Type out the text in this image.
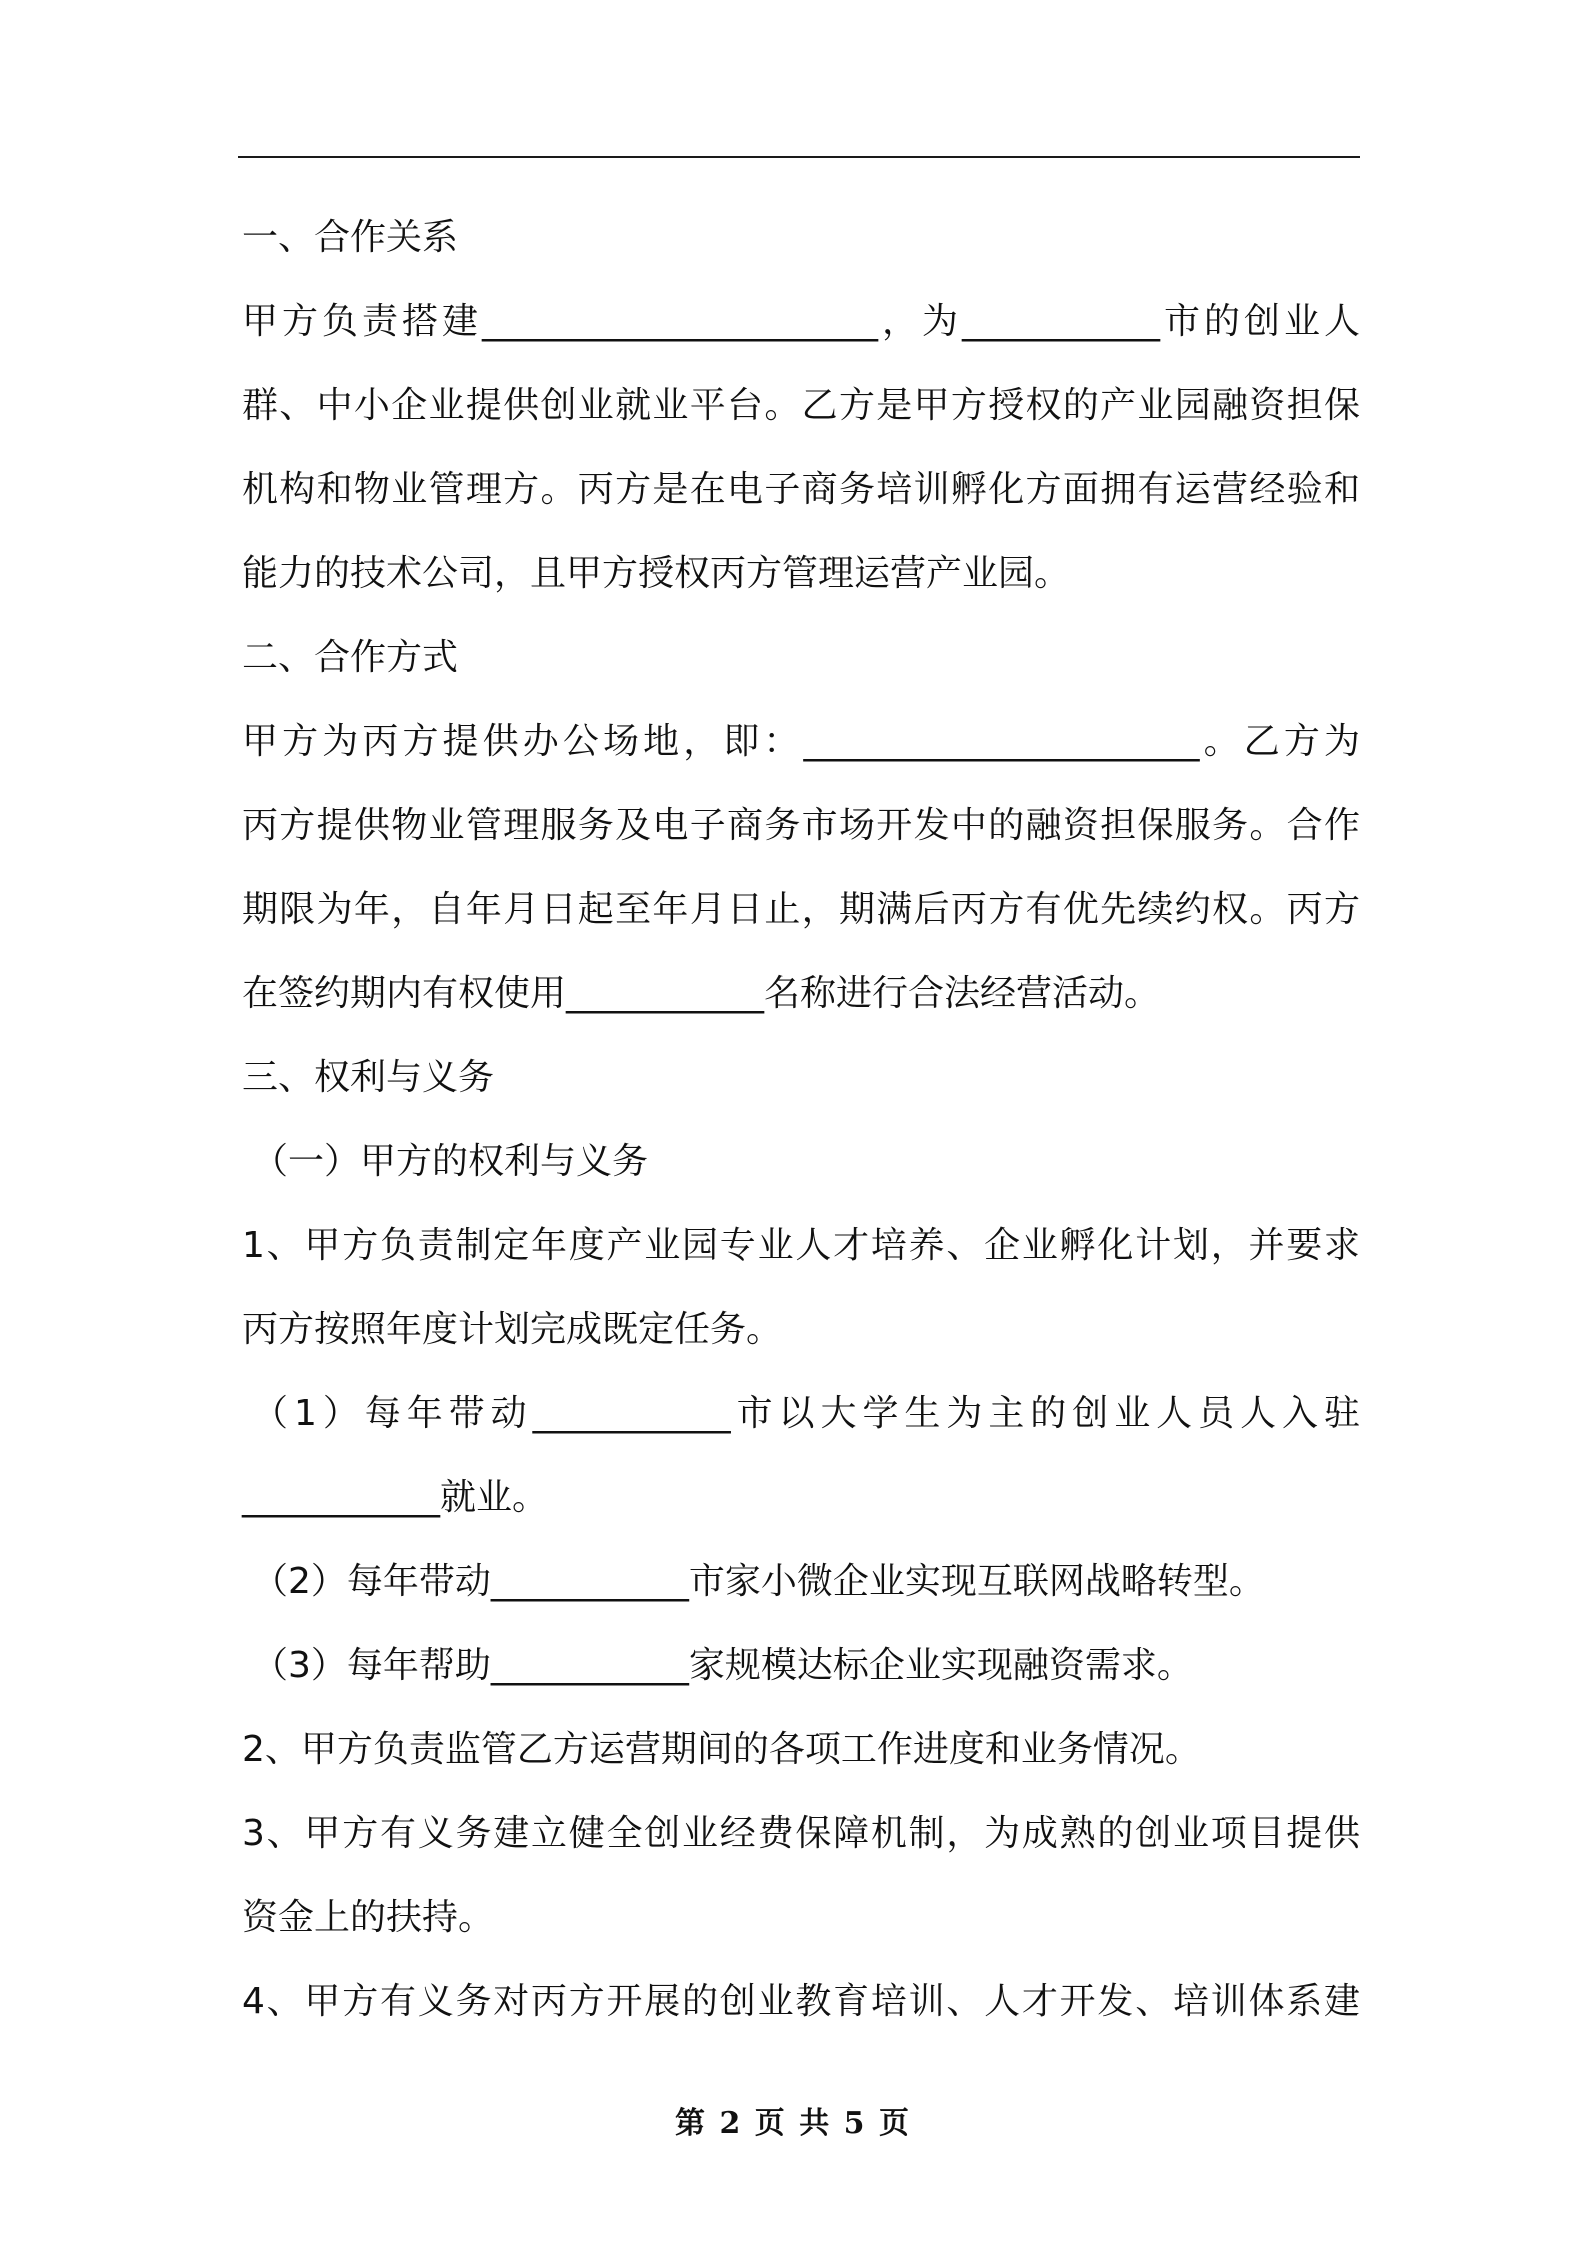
一、合作关系
甲方负责搭建______________________，为___________市的创业人
群、中小企业提供创业就业平台。乙方是甲方授权的产业园融资担保
机构和物业管理方。丙方是在电子商务培训孵化方面拥有运营经验和
能力的技术公司，且甲方授权丙方管理运营产业园。
二、合作方式
甲方为丙方提供办公场地，即：______________________。乙方为
丙方提供物业管理服务及电子商务市场开发中的融资担保服务。合作
期限为年，自年月日起至年月日止，期满后丙方有优先续约权。丙方
在签约期内有权使用___________名称进行合法经营活动。
三、权利与义务
（一）甲方的权利与义务
1、甲方负责制定年度产业园专业人才培养、企业孵化计划，并要求
丙方按照年度计划完成既定任务。
（1）每年带动___________市以大学生为主的创业人员人入驻
___________就业。
（2）每年带动___________市家小微企业实现互联网战略转型。
（3）每年帮助___________家规模达标企业实现融资需求。
2、甲方负责监管乙方运营期间的各项工作进度和业务情况。
3、甲方有义务建立健全创业经费保障机制，为成熟的创业项目提供
资金上的扶持。
4、甲方有义务对丙方开展的创业教育培训、人才开发、培训体系建
第 2 页 共 5 页
